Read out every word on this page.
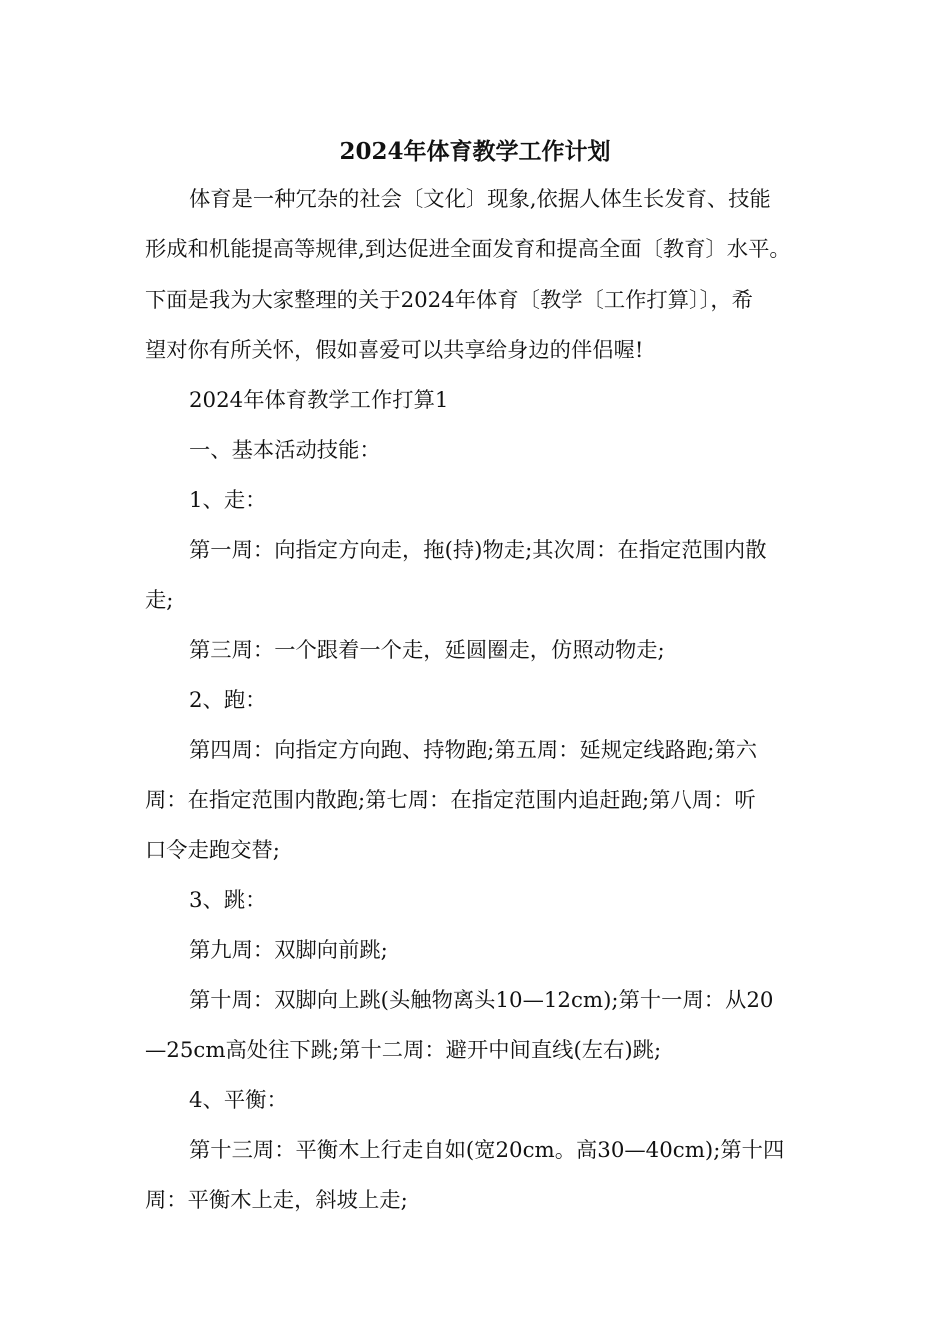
2024年体育教学工作计划
体育是一种冗杂的社会〔文化〕现象,依据人体生长发育、技能
形成和机能提高等规律,到达促进全面发育和提高全面〔教育〕水平。
下面是我为大家整理的关于2024年体育〔教学〔工作打算〕〕，希
望对你有所关怀，假如喜爱可以共享给身边的伴侣喔!
2024年体育教学工作打算1
一、基本活动技能：
1、走：
第一周：向指定方向走，拖(持)物走;其次周：在指定范围内散
走;
第三周：一个跟着一个走，延圆圈走，仿照动物走;
2、跑：
第四周：向指定方向跑、持物跑;第五周：延规定线路跑;第六
周：在指定范围内散跑;第七周：在指定范围内追赶跑;第八周：听
口令走跑交替;
3、跳：
第九周：双脚向前跳;
第十周：双脚向上跳(头触物离头10—12cm);第十一周：从20
—25cm高处往下跳;第十二周：避开中间直线(左右)跳;
4、平衡：
第十三周：平衡木上行走自如(宽20cm。高30—40cm);第十四
周：平衡木上走，斜坡上走;
